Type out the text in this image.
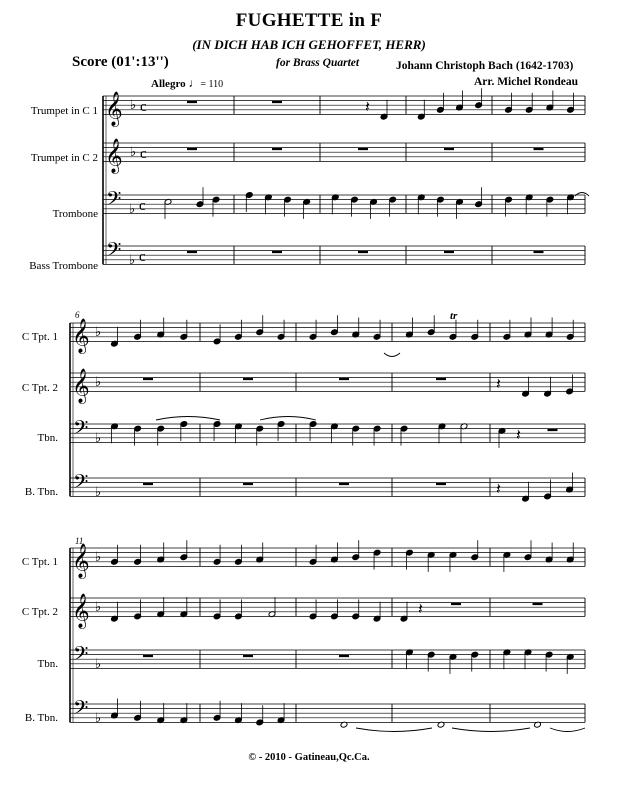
FUGHETTE in F
(IN DICH HAB ICH GEHOFFET, HERR)
Score (01':13'')	for Brass Quartet	Johann Christoph Bach (1642-1703)
Arr. Michel Rondeau
Allegro ♩= 110
Trumpet in C 1
Trumpet in C 2
Trombone
Bass Trombone
C Tpt. 1
C Tpt. 2
Tbn.
B. Tbn.
6
C Tpt. 1
C Tpt. 2
Tbn.
B. Tbn.
11
© - 2010 - Gatineau,Qc.Ca.
𝄞 ♭ c
𝄞 ♭ c
𝄢 ♭ c
𝄢 ♭ c
𝄽
𝄞 ♭
𝄞 ♭
𝄢 ♭
𝄢 ♭
tr
𝄽
𝄽
𝄽
𝄞 ♭
𝄞 ♭
𝄢 ♭
𝄢 ♭
𝄽
